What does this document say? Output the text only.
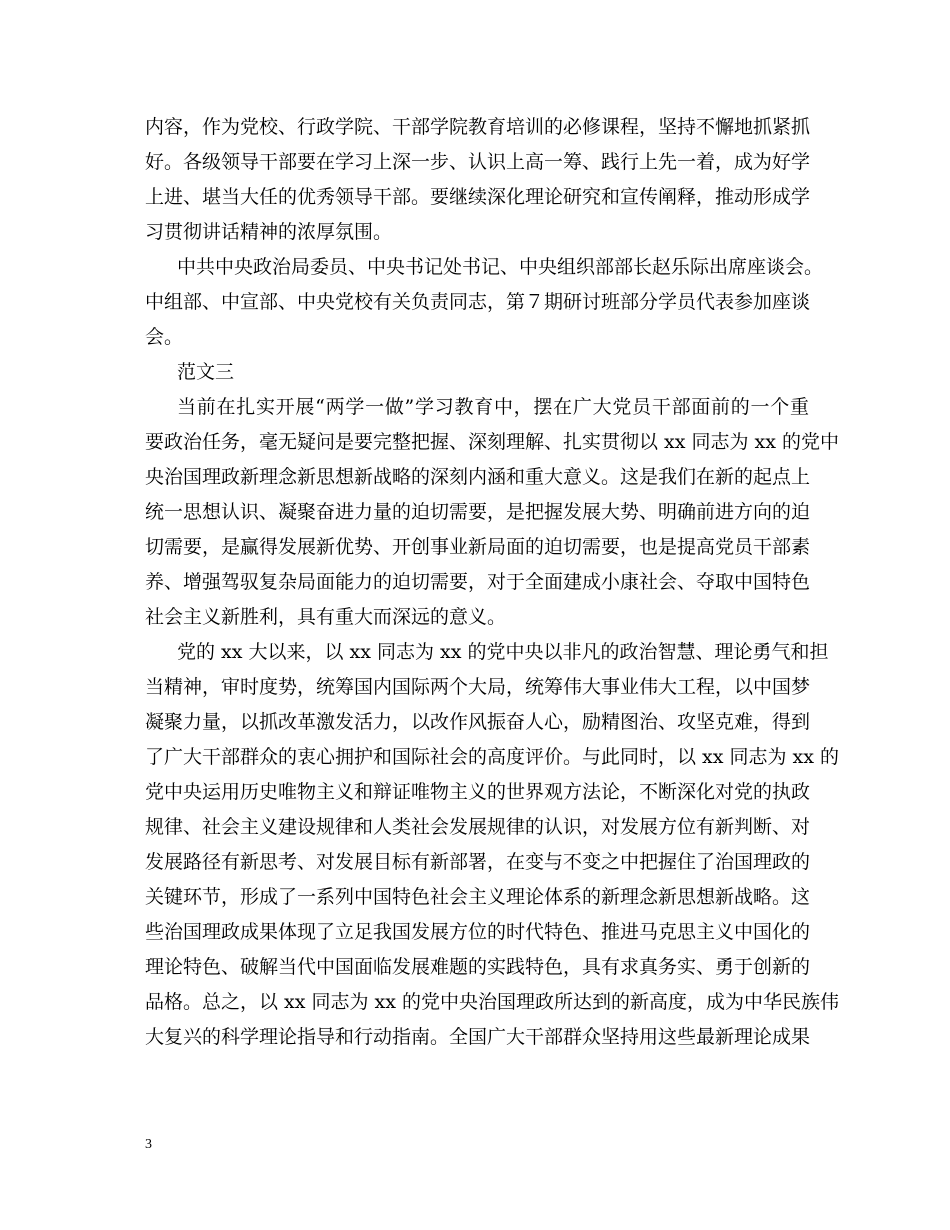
内容，作为党校、行政学院、干部学院教育培训的必修课程，坚持不懈地抓紧抓
好。各级领导干部要在学习上深一步、认识上高一筹、践行上先一着，成为好学
上进、堪当大任的优秀领导干部。要继续深化理论研究和宣传阐释，推动形成学
习贯彻讲话精神的浓厚氛围。
中共中央政治局委员、中央书记处书记、中央组织部部长赵乐际出席座谈会。
中组部、中宣部、中央党校有关负责同志，第７期研讨班部分学员代表参加座谈
会。
范文三
当前在扎实开展“两学一做”学习教育中，摆在广大党员干部面前的一个重
要政治任务，毫无疑问是要完整把握、深刻理解、扎实贯彻以 xx 同志为 xx 的党中
央治国理政新理念新思想新战略的深刻内涵和重大意义。这是我们在新的起点上
统一思想认识、凝聚奋进力量的迫切需要，是把握发展大势、明确前进方向的迫
切需要，是赢得发展新优势、开创事业新局面的迫切需要，也是提高党员干部素
养、增强驾驭复杂局面能力的迫切需要，对于全面建成小康社会、夺取中国特色
社会主义新胜利，具有重大而深远的意义。
党的 xx 大以来，以 xx 同志为 xx 的党中央以非凡的政治智慧、理论勇气和担
当精神，审时度势，统筹国内国际两个大局，统筹伟大事业伟大工程，以中国梦
凝聚力量，以抓改革激发活力，以改作风振奋人心，励精图治、攻坚克难，得到
了广大干部群众的衷心拥护和国际社会的高度评价。与此同时，以 xx 同志为 xx 的
党中央运用历史唯物主义和辩证唯物主义的世界观方法论，不断深化对党的执政
规律、社会主义建设规律和人类社会发展规律的认识，对发展方位有新判断、对
发展路径有新思考、对发展目标有新部署，在变与不变之中把握住了治国理政的
关键环节，形成了一系列中国特色社会主义理论体系的新理念新思想新战略。这
些治国理政成果体现了立足我国发展方位的时代特色、推进马克思主义中国化的
理论特色、破解当代中国面临发展难题的实践特色，具有求真务实、勇于创新的
品格。总之，以 xx 同志为 xx 的党中央治国理政所达到的新高度，成为中华民族伟
大复兴的科学理论指导和行动指南。全国广大干部群众坚持用这些最新理论成果
3
